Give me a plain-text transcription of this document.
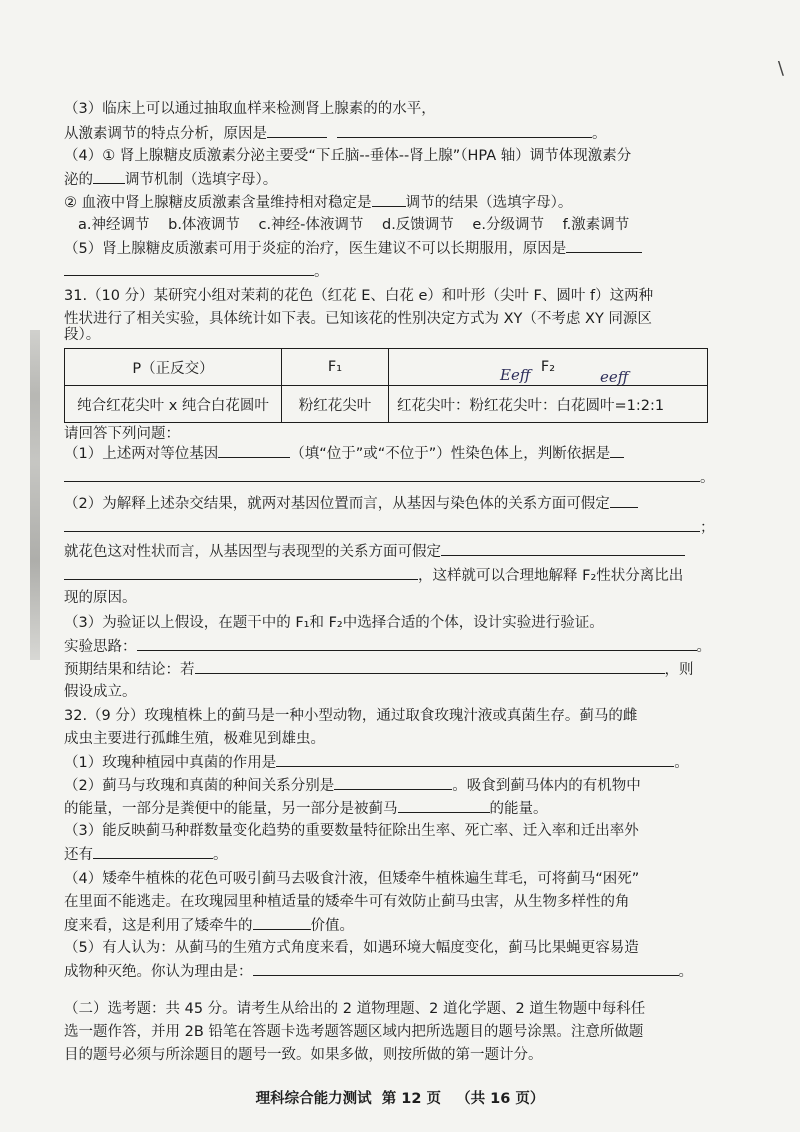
\
（3）临床上可以通过抽取血样来检测肾上腺素的的水平，
从激素调节的特点分析，原因是	。
（4）① 肾上腺糖皮质激素分泌主要受“下丘脑--垂体--肾上腺”（HPA 轴）调节体现激素分
泌的 调节机制（选填字母）。
② 血液中肾上腺糖皮质激素含量维持相对稳定是 调节的结果（选填字母）。
a.神经调节 b.体液调节 c.神经-体液调节 d.反馈调节 e.分级调节 f.激素调节
（5）肾上腺糖皮质激素可用于炎症的治疗，医生建议不可以长期服用，原因是
。
31.（10 分）某研究小组对茉莉的花色（红花 E、白花 e）和叶形（尖叶 F、圆叶 f）这两种
性状进行了相关实验，具体统计如下表。已知该花的性别决定方式为 XY（不考虑 XY 同源区
段）。
P（正反交）	F₁	F₂
纯合红花尖叶 x 纯合白花圆叶	粉红花尖叶	红花尖叶：粉红花尖叶：白花圆叶=1:2:1
Eeff	eeff
请回答下列问题：
（1）上述两对等位基因	（填“位于”或“不位于”）性染色体上，判断依据是
。
（2）为解释上述杂交结果，就两对基因位置而言，从基因与染色体的关系方面可假定
；
就花色这对性状而言，从基因型与表现型的关系方面可假定
，这样就可以合理地解释 F₂性状分离比出
现的原因。
（3）为验证以上假设，在题干中的 F₁和 F₂中选择合适的个体，设计实验进行验证。
实验思路：	。
预期结果和结论：若	，则
假设成立。
32.（9 分）玫瑰植株上的蓟马是一种小型动物，通过取食玫瑰汁液或真菌生存。蓟马的雌
成虫主要进行孤雌生殖，极难见到雄虫。
（1）玫瑰种植园中真菌的作用是	。
（2）蓟马与玫瑰和真菌的种间关系分别是	。吸食到蓟马体内的有机物中
的能量，一部分是粪便中的能量，另一部分是被蓟马	的能量。
（3）能反映蓟马种群数量变化趋势的重要数量特征除出生率、死亡率、迁入率和迁出率外
还有	。
（4）矮牵牛植株的花色可吸引蓟马去吸食汁液，但矮牵牛植株遍生茸毛，可将蓟马“困死”
在里面不能逃走。在玫瑰园里种植适量的矮牵牛可有效防止蓟马虫害，从生物多样性的角
度来看，这是利用了矮牵牛的	价值。
（5）有人认为：从蓟马的生殖方式角度来看，如遇环境大幅度变化，蓟马比果蝇更容易造
成物种灭绝。你认为理由是：	。
（二）选考题：共 45 分。请考生从给出的 2 道物理题、2 道化学题、2 道生物题中每科任
选一题作答，并用 2B 铅笔在答题卡选考题答题区域内把所选题目的题号涂黑。注意所做题
目的题号必须与所涂题目的题号一致。如果多做，则按所做的第一题计分。
理科综合能力测试  第 12 页   （共 16 页）
